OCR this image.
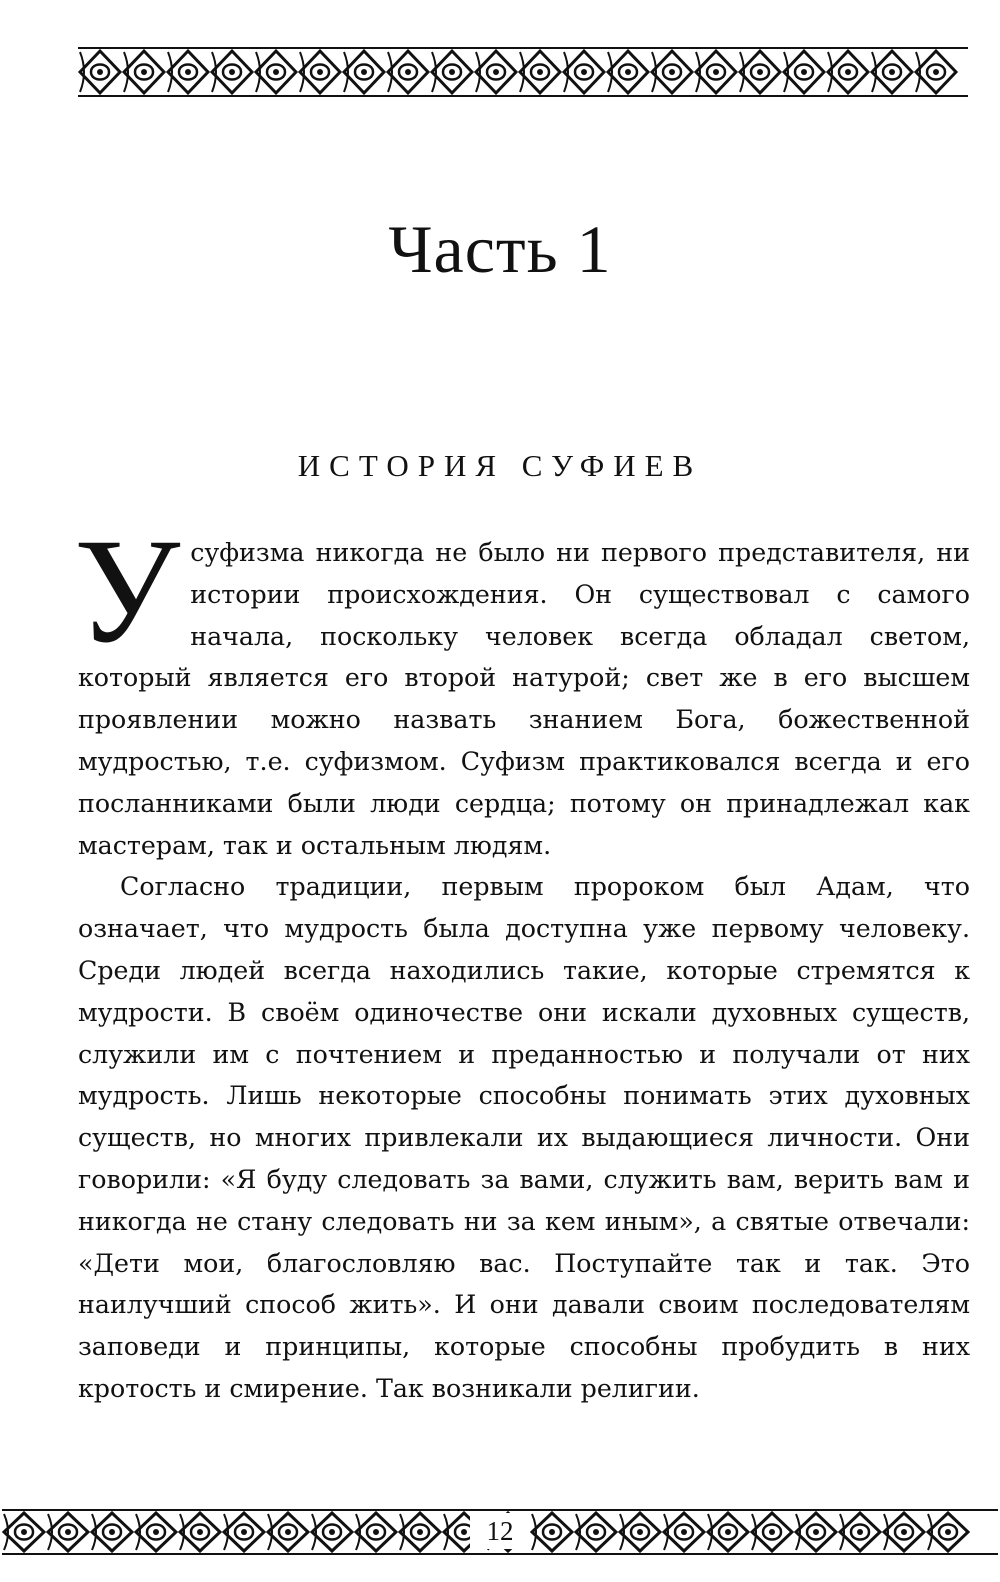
Часть 1
ИСТОРИЯ СУФИЕВ

У суфизма никогда не было ни первого представителя, ни истории происхождения. Он существовал с самого начала, поскольку человек всегда обладал светом, который является его второй натурой; свет же в его высшем проявлении можно назвать знанием Бога, божественной мудростью, т.е. суфизмом. Суфизм практиковался всегда и его посланниками были люди сердца; потому он принадлежал как мастерам, так и остальным людям.

Согласно традиции, первым пророком был Адам, что означает, что мудрость была доступна уже первому человеку. Среди людей всегда находились такие, которые стремятся к мудрости. В своём одиночестве они искали духовных существ, служили им с почтением и преданностью и получали от них мудрость. Лишь некоторые способны понимать этих духовных существ, но многих привлекали их выдающиеся личности. Они говорили: «Я буду следовать за вами, служить вам, верить вам и никогда не стану следовать ни за кем иным», а святые отвечали: «Дети мои, благословляю вас. Поступайте так и так. Это наилучший способ жить». И они давали своим последователям заповеди и принципы, которые способны пробудить в них кротость и смирение. Так возникали религии.

12
